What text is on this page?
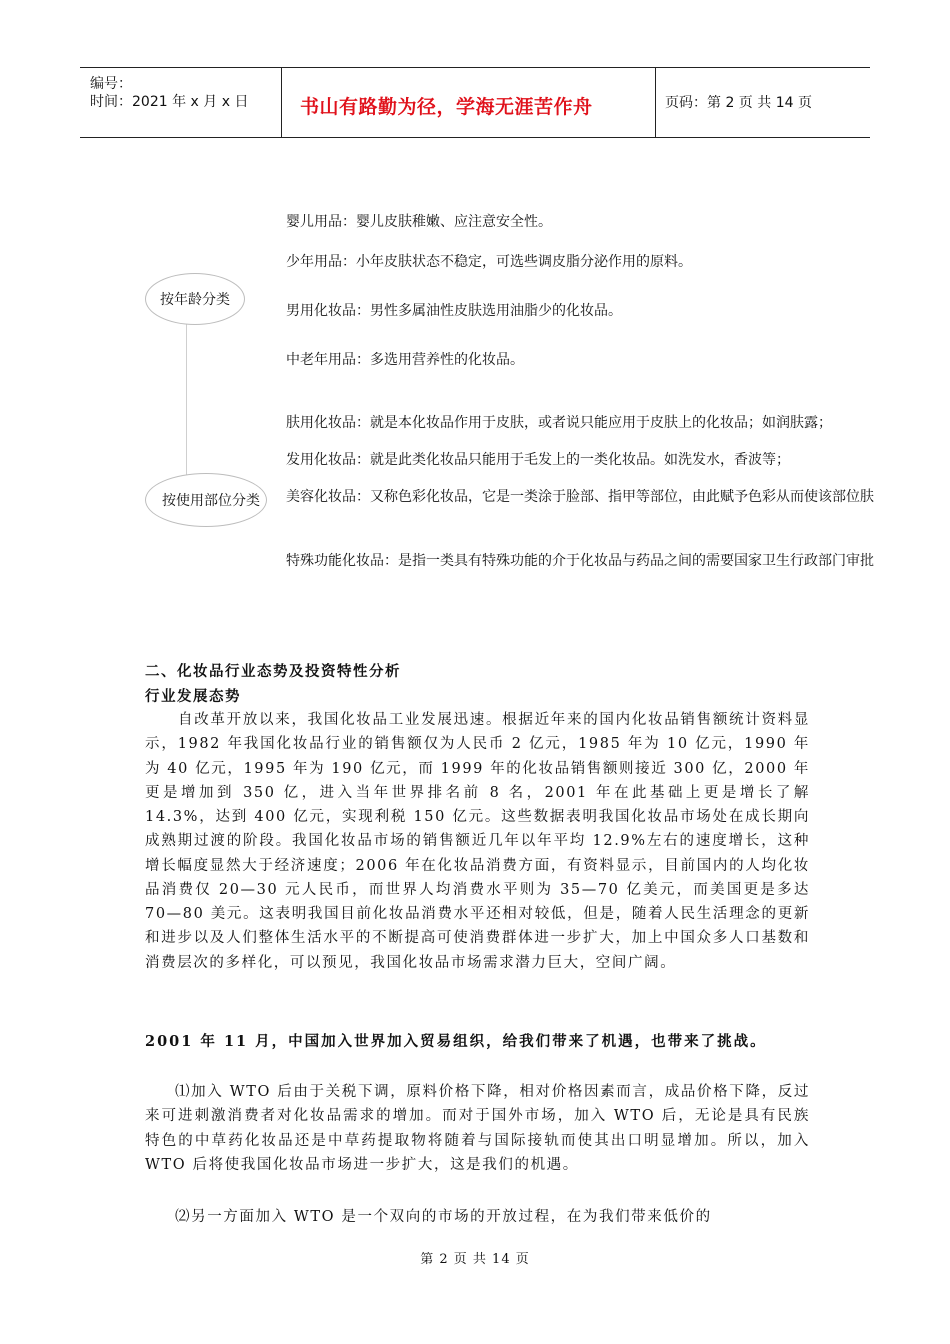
编号：
时间：2021 年 x 月 x 日	书山有路勤为径，学海无涯苦作舟	页码：第 2 页 共 14 页
按年龄分类
按使用部位分类
婴儿用品：婴儿皮肤稚嫩、应注意安全性。
少年用品：小年皮肤状态不稳定，可选些调皮脂分泌作用的原料。
男用化妆品：男性多属油性皮肤选用油脂少的化妆品。
中老年用品：多选用营养性的化妆品。
肤用化妆品：就是本化妆品作用于皮肤，或者说只能应用于皮肤上的化妆品；如润肤露；
发用化妆品：就是此类化妆品只能用于毛发上的一类化妆品。如洗发水，香波等；
美容化妆品：又称色彩化妆品，它是一类涂于脸部、指甲等部位，由此赋予色彩从而使该部位肤
特殊功能化妆品：是指一类具有特殊功能的介于化妆品与药品之间的需要国家卫生行政部门审批
二、化妆品行业态势及投资特性分析
行业发展态势
自改革开放以来，我国化妆品工业发展迅速。根据近年来的国内化妆品销售额统计资料显示，1982 年我国化妆品行业的销售额仅为人民币 2 亿元，1985 年为 10 亿元，1990 年为 40 亿元，1995 年为 190 亿元，而 1999 年的化妆品销售额则接近 300 亿，2000 年更是增加到 350 亿，进入当年世界排名前 8 名，2001 年在此基础上更是增长了解 14.3%，达到 400 亿元，实现利税 150 亿元。这些数据表明我国化妆品市场处在成长期向成熟期过渡的阶段。我国化妆品市场的销售额近几年以年平均 12.9%左右的速度增长，这种增长幅度显然大于经济速度；2006 年在化妆品消费方面，有资料显示，目前国内的人均化妆品消费仅 20—30 元人民币，而世界人均消费水平则为 35—70 亿美元，而美国更是多达 70—80 美元。这表明我国目前化妆品消费水平还相对较低，但是，随着人民生活理念的更新和进步以及人们整体生活水平的不断提高可使消费群体进一步扩大，加上中国众多人口基数和消费层次的多样化，可以预见，我国化妆品市场需求潜力巨大，空间广阔。
2001 年 11 月，中国加入世界加入贸易组织，给我们带来了机遇，也带来了挑战。
⑴加入 WTO 后由于关税下调，原料价格下降，相对价格因素而言，成品价格下降，反过来可进刺激消费者对化妆品需求的增加。而对于国外市场，加入 WTO 后，无论是具有民族特色的中草药化妆品还是中草药提取物将随着与国际接轨而使其出口明显增加。所以，加入 WTO 后将使我国化妆品市场进一步扩大，这是我们的机遇。
⑵另一方面加入 WTO 是一个双向的市场的开放过程，在为我们带来低价的
第 2 页 共 14 页
